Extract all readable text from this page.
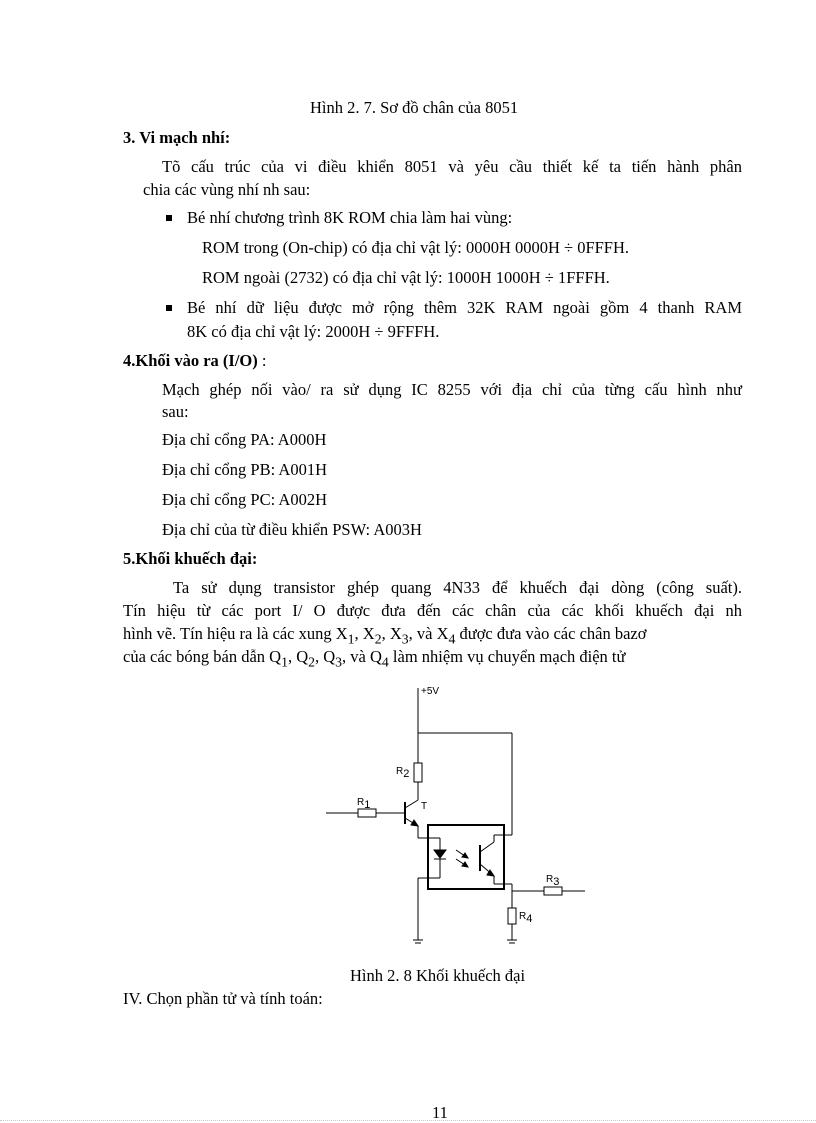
Hình 2. 7. Sơ đồ chân của 8051
3. Vi mạch nhí:
Tõ cấu trúc của vi điều khiển 8051 và yêu cầu thiết kế ta tiến hành phân
chia các vùng nhí nh sau:
Bé nhí chương trình 8K ROM chia làm hai vùng:
ROM trong (On-chip) có địa chỉ vật lý: 0000H 0000H ÷ 0FFFH.
ROM ngoài (2732) có địa chỉ vật lý: 1000H 1000H ÷ 1FFFH.
Bé nhí dữ liệu được mở rộng thêm 32K RAM ngoài gồm 4 thanh RAM
8K có địa chỉ vật lý: 2000H ÷ 9FFFH.
4.Khối vào ra (I/O) :
Mạch ghép nối vào/ ra sử dụng IC 8255 với địa chỉ của từng cấu hình như
sau:
Địa chỉ cổng PA: A000H
Địa chỉ cổng PB: A001H
Địa chỉ cổng PC: A002H
Địa chỉ của từ điều khiển PSW: A003H
5.Khối khuếch đại:
Ta sử dụng transistor ghép quang 4N33 để khuếch đại dòng (công suất).
Tín hiệu từ các port I/ O được đưa đến các chân của các khối khuếch đại nh
hình vẽ. Tín hiệu ra là các xung $X_1$, $X_2$, $X_3$, và $X_4$ được đưa vào các chân bazơ
của các bóng bán dẫn $Q_1$, $Q_2$, $Q_3$, và $Q_4$ làm nhiệm vụ chuyển mạch điện tử
+5V
R2
R1	T
R3
R4
Hình 2. 8 Khối khuếch đại
IV. Chọn phần tử và tính toán:
11
